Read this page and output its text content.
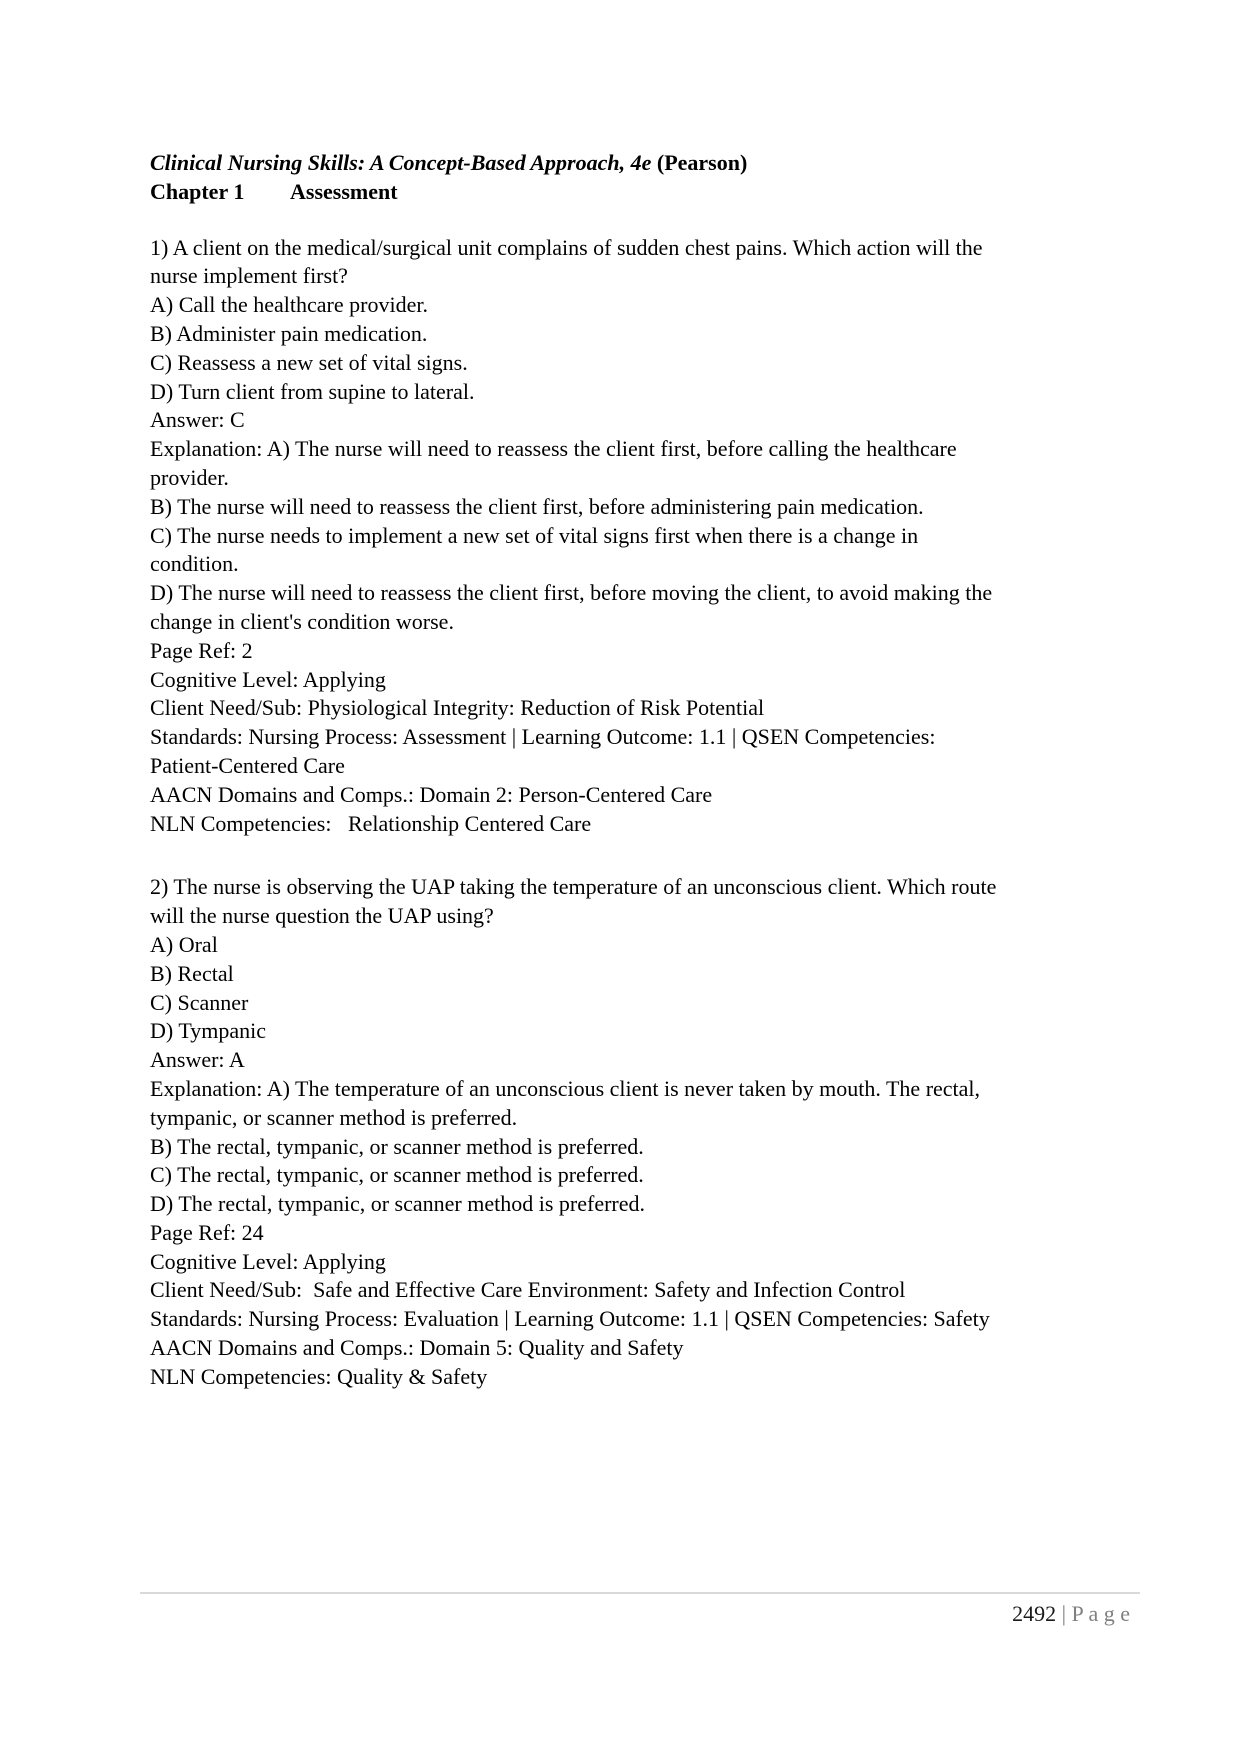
Clinical Nursing Skills: A Concept-Based Approach, 4e (Pearson)
Chapter 1 Assessment
1) A client on the medical/surgical unit complains of sudden chest pains. Which action will the
nurse implement first?
A) Call the healthcare provider.
B) Administer pain medication.
C) Reassess a new set of vital signs.
D) Turn client from supine to lateral.
Answer: C
Explanation: A) The nurse will need to reassess the client first, before calling the healthcare
provider.
B) The nurse will need to reassess the client first, before administering pain medication.
C) The nurse needs to implement a new set of vital signs first when there is a change in
condition.
D) The nurse will need to reassess the client first, before moving the client, to avoid making the
change in client's condition worse.
Page Ref: 2
Cognitive Level: Applying
Client Need/Sub: Physiological Integrity: Reduction of Risk Potential
Standards: Nursing Process: Assessment | Learning Outcome: 1.1 | QSEN Competencies:
Patient-Centered Care
AACN Domains and Comps.: Domain 2: Person-Centered Care
NLN Competencies:   Relationship Centered Care
2) The nurse is observing the UAP taking the temperature of an unconscious client. Which route
will the nurse question the UAP using?
A) Oral
B) Rectal
C) Scanner
D) Tympanic
Answer: A
Explanation: A) The temperature of an unconscious client is never taken by mouth. The rectal,
tympanic, or scanner method is preferred.
B) The rectal, tympanic, or scanner method is preferred.
C) The rectal, tympanic, or scanner method is preferred.
D) The rectal, tympanic, or scanner method is preferred.
Page Ref: 24
Cognitive Level: Applying
Client Need/Sub:  Safe and Effective Care Environment: Safety and Infection Control
Standards: Nursing Process: Evaluation | Learning Outcome: 1.1 | QSEN Competencies: Safety
AACN Domains and Comps.: Domain 5: Quality and Safety
NLN Competencies: Quality & Safety
2492 | P a g e
